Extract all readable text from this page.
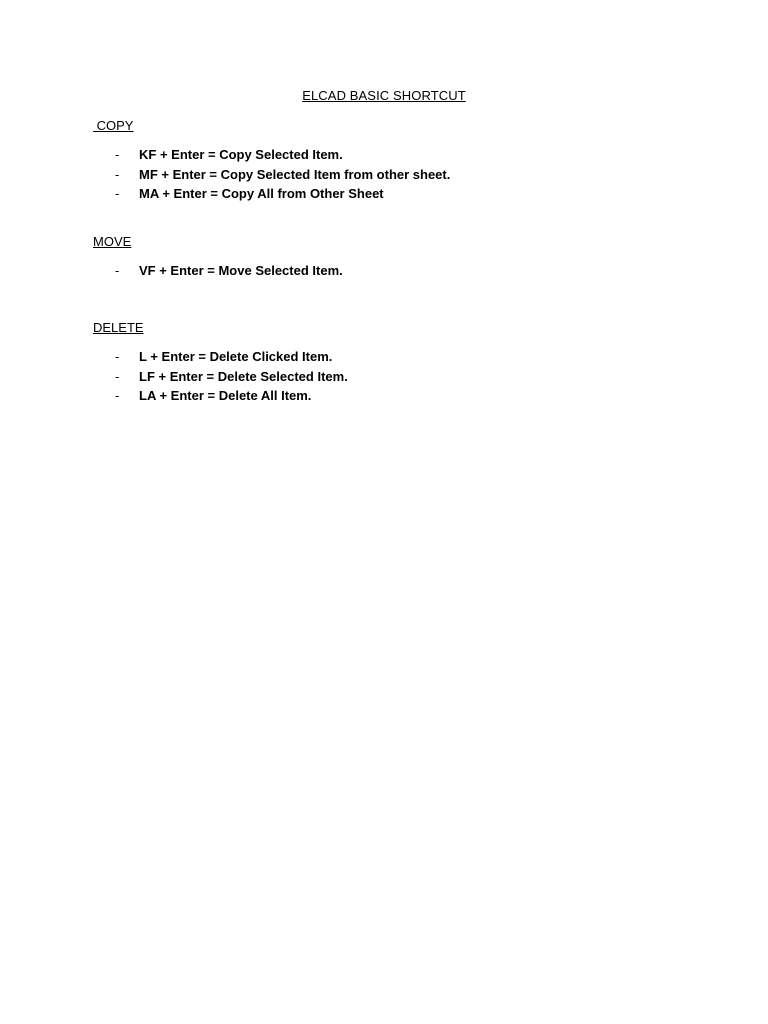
ELCAD BASIC SHORTCUT
COPY
- KF + Enter = Copy Selected Item.
- MF + Enter = Copy Selected Item from other sheet.
- MA + Enter = Copy All from Other Sheet
MOVE
- VF + Enter = Move Selected Item.
DELETE
- L + Enter = Delete Clicked Item.
- LF + Enter = Delete Selected Item.
- LA + Enter = Delete All Item.
